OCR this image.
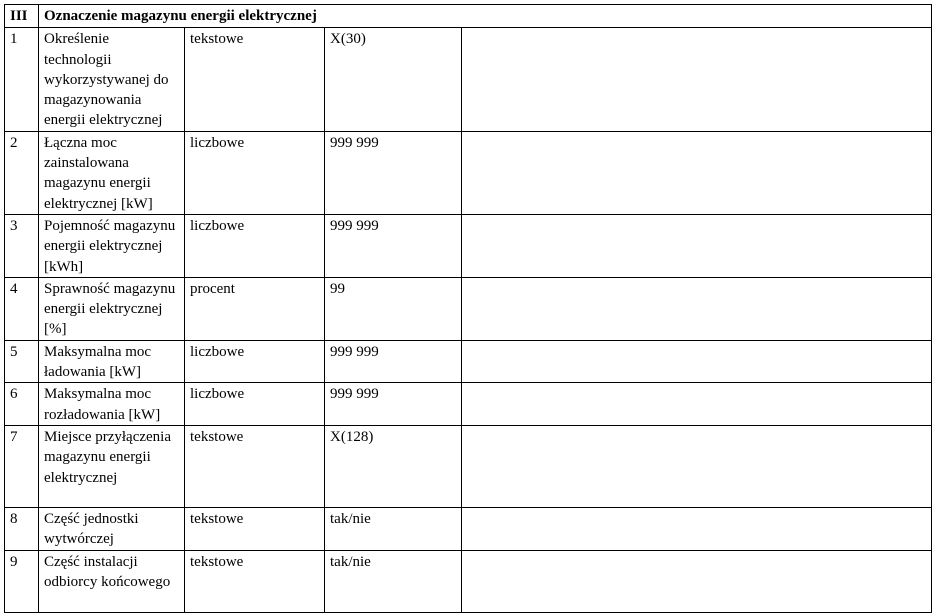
III	Oznaczenie magazynu energii elektrycznej			
1	Określenie technologii wykorzystywanej do magazynowania energii elektrycznej	tekstowe	X(30)	
2	Łączna moc zainstalowana magazynu energii elektrycznej [kW]	liczbowe	999 999	
3	Pojemność magazynu energii elektrycznej [kWh]	liczbowe	999 999	
4	Sprawność magazynu energii elektrycznej [%]	procent	99	
5	Maksymalna moc ładowania [kW]	liczbowe	999 999	
6	Maksymalna moc rozładowania [kW]	liczbowe	999 999	
7	Miejsce przyłączenia magazynu energii elektrycznej	tekstowe	X(128)	
8	Część jednostki wytwórczej	tekstowe	tak/nie	
9	Część instalacji odbiorcy końcowego	tekstowe	tak/nie	
